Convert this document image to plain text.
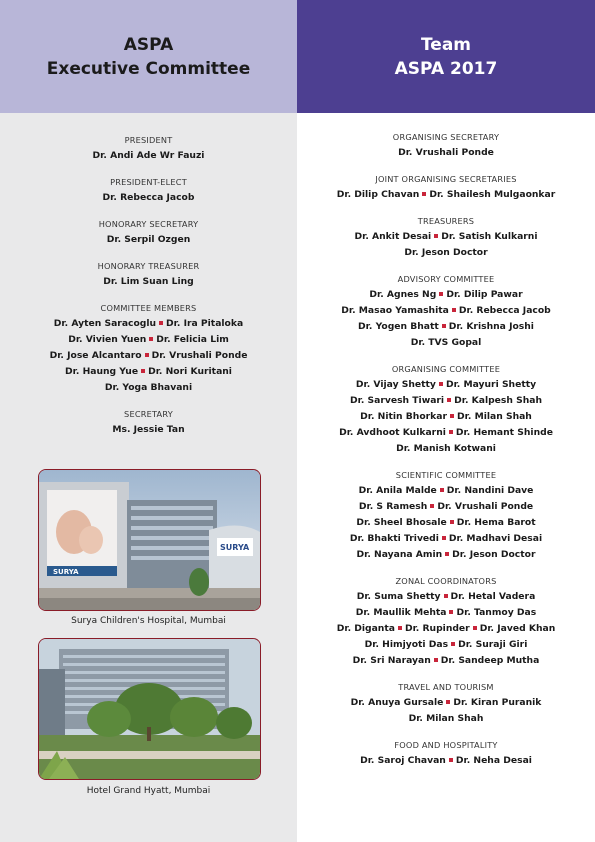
ASPA
Executive Committee
Team
ASPA 2017
PRESIDENT
Dr. Andi Ade Wr Fauzi
PRESIDENT-ELECT
Dr. Rebecca Jacob
HONORARY SECRETARY
Dr. Serpil Ozgen
HONORARY TREASURER
Dr. Lim Suan Ling
COMMITTEE MEMBERS
Dr. Ayten Saracoglu Dr. Ira Pitaloka
Dr. Vivien Yuen Dr. Felicia Lim
Dr. Jose Alcantaro Dr. Vrushali Ponde
Dr. Haung Yue Dr. Nori Kuritani
Dr. Yoga Bhavani
SECRETARY
Ms. Jessie Tan
ORGANISING SECRETARY
Dr. Vrushali Ponde
JOINT ORGANISING SECRETARIES
Dr. Dilip Chavan Dr. Shailesh Mulgaonkar
TREASURERS
Dr. Ankit Desai Dr. Satish Kulkarni
Dr. Jeson Doctor
ADVISORY COMMITTEE
Dr. Agnes Ng Dr. Dilip Pawar
Dr. Masao Yamashita Dr. Rebecca Jacob
Dr. Yogen Bhatt Dr. Krishna Joshi
Dr. TVS Gopal
ORGANISING COMMITTEE
Dr. Vijay Shetty Dr. Mayuri Shetty
Dr. Sarvesh Tiwari Dr. Kalpesh Shah
Dr. Nitin Bhorkar Dr. Milan Shah
Dr. Avdhoot Kulkarni Dr. Hemant Shinde
Dr. Manish Kotwani
SCIENTIFIC COMMITTEE
Dr. Anila Malde Dr. Nandini Dave
Dr. S Ramesh Dr. Vrushali Ponde
Dr. Sheel Bhosale Dr. Hema Barot
Dr. Bhakti Trivedi Dr. Madhavi Desai
Dr. Nayana Amin Dr. Jeson Doctor
ZONAL COORDINATORS
Dr. Suma Shetty Dr. Hetal Vadera
Dr. Maullik Mehta Dr. Tanmoy Das
Dr. Diganta Dr. Rupinder Dr. Javed Khan
Dr. Himjyoti Das Dr. Suraji Giri
Dr. Sri Narayan Dr. Sandeep Mutha
TRAVEL AND TOURISM
Dr. Anuya Gursale Dr. Kiran Puranik
Dr. Milan Shah
FOOD AND HOSPITALITY
Dr. Saroj Chavan Dr. Neha Desai
SURYA
SURYA
Surya Children's Hospital, Mumbai
Hotel Grand Hyatt, Mumbai
